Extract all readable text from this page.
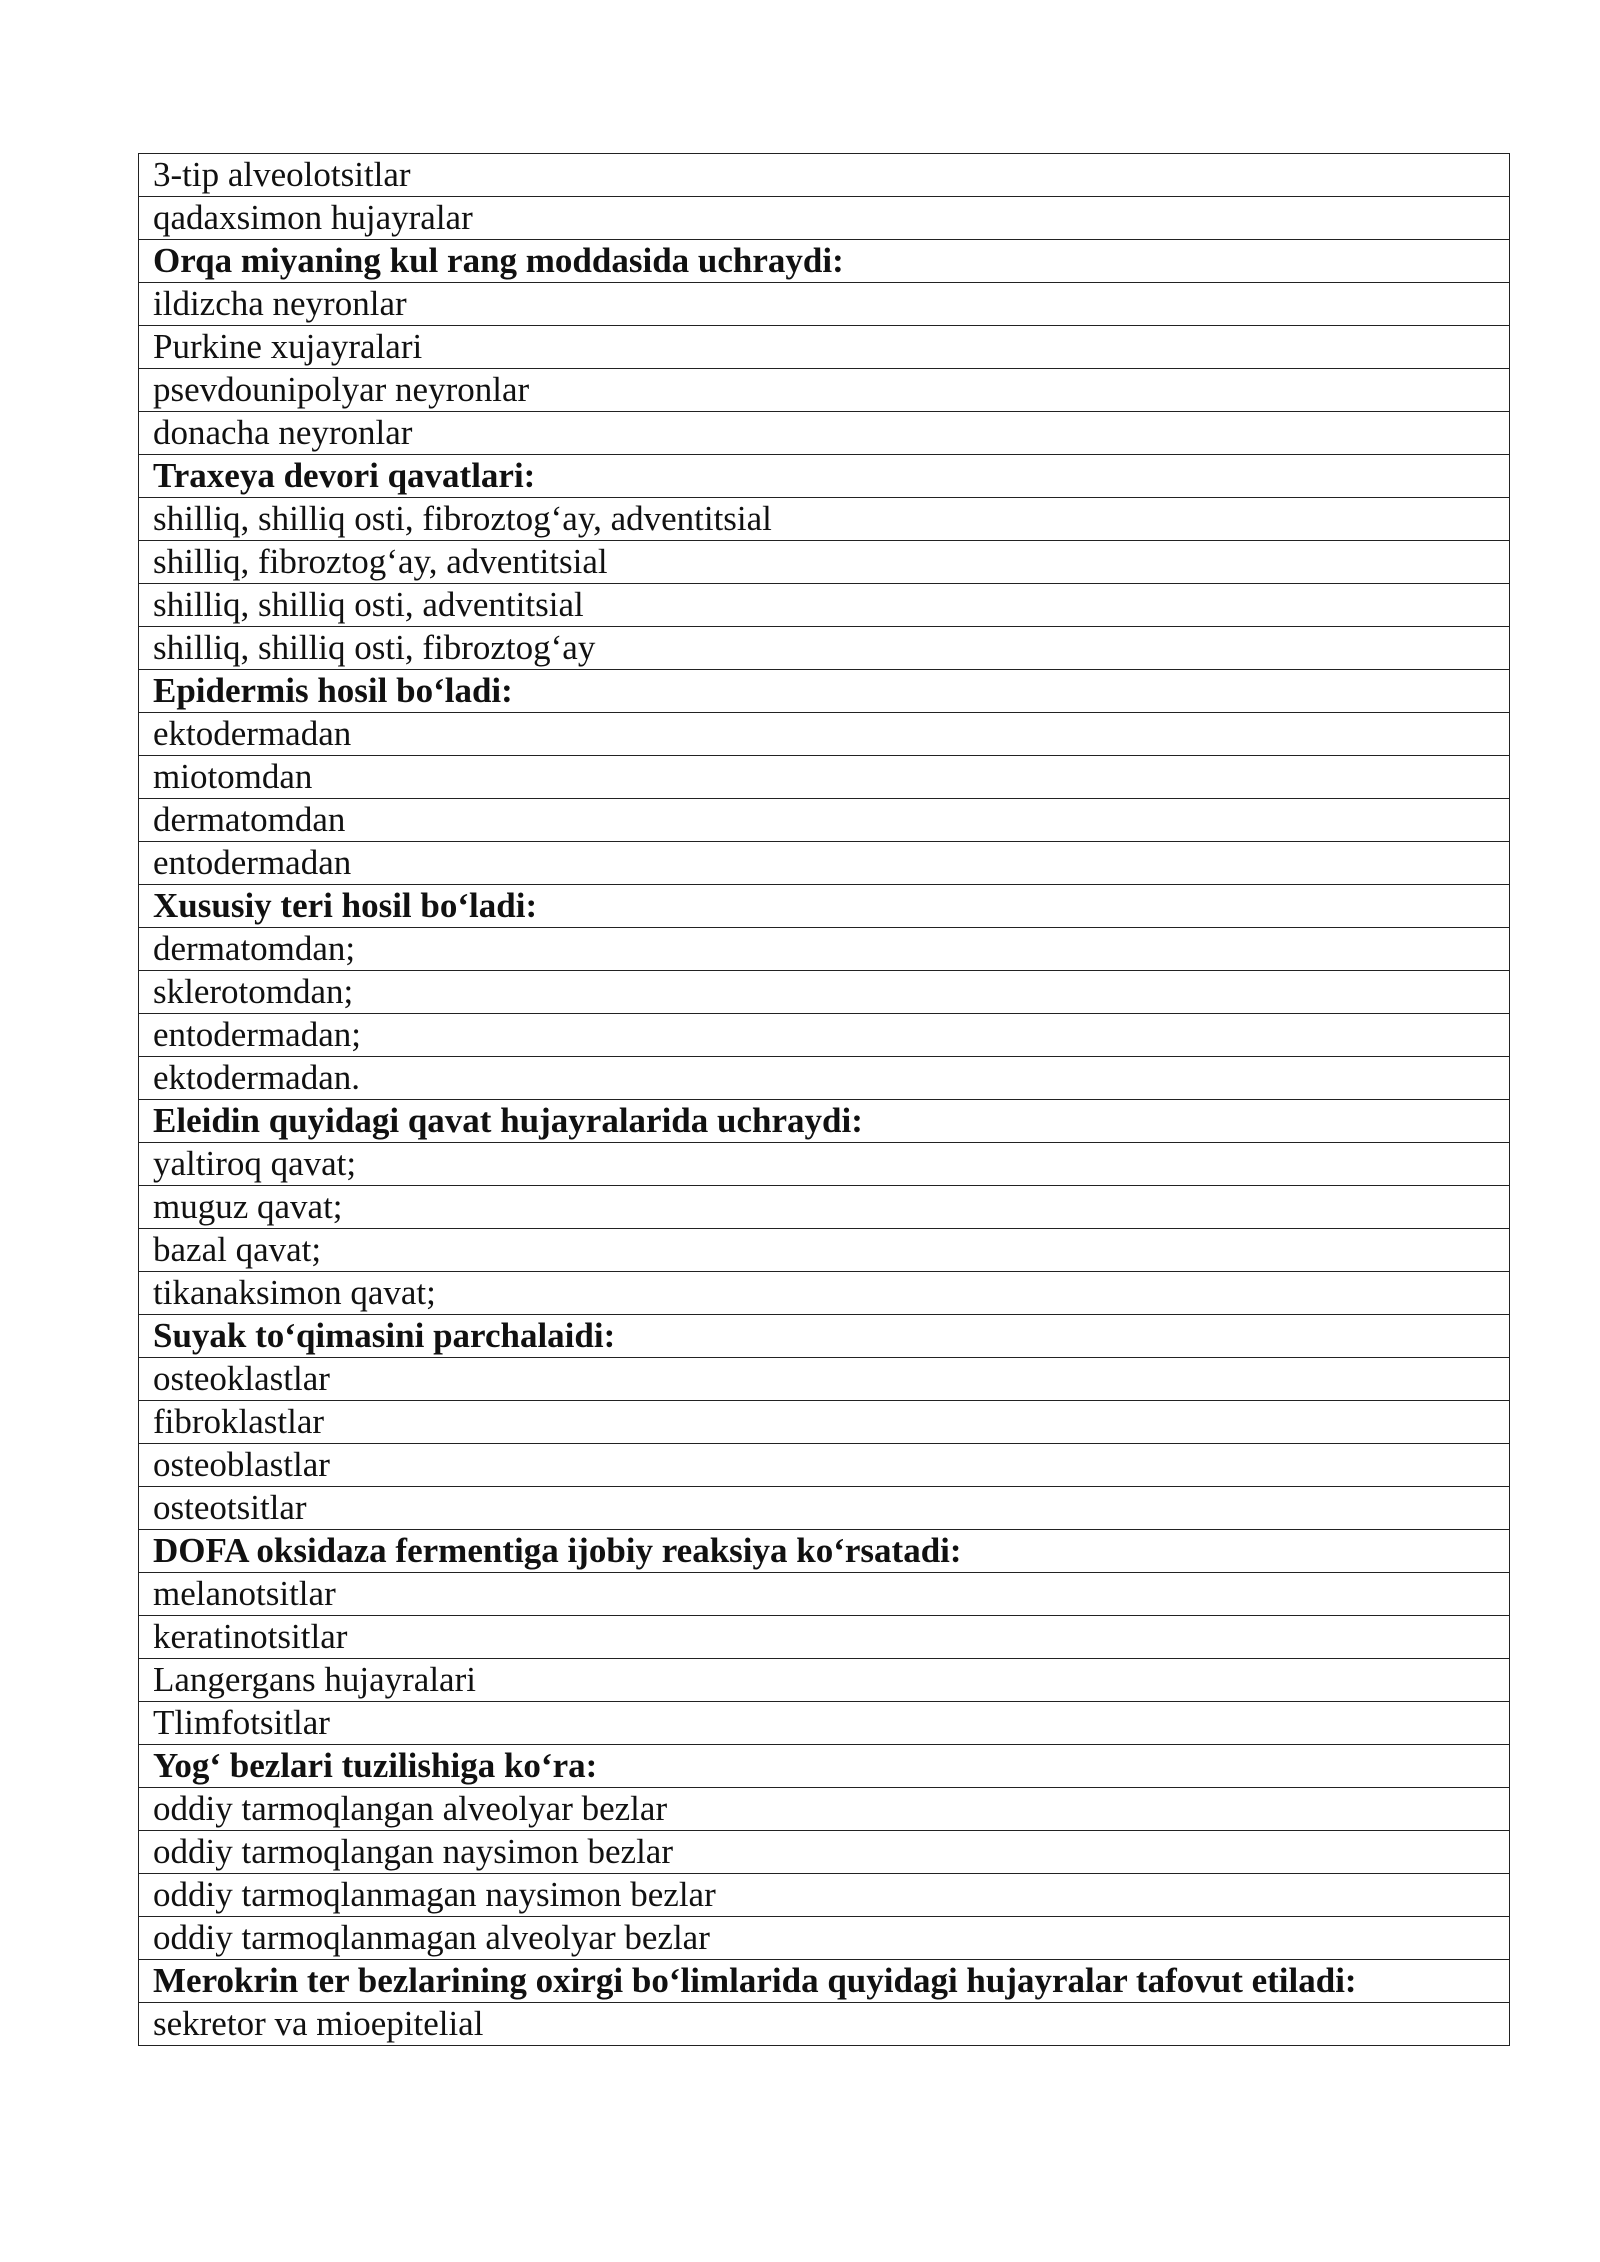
3-tip alveolotsitlar
qadaxsimon hujayralar
Orqa miyaning kul rang moddasida uchraydi:
ildizcha neyronlar
Purkine xujayralari
psevdounipolyar neyronlar
donacha neyronlar
Traxeya devori qavatlari:
shilliq, shilliq osti, fibroztog‘ay, adventitsial
shilliq, fibroztog‘ay, adventitsial
shilliq, shilliq osti, adventitsial
shilliq, shilliq osti, fibroztog‘ay
Epidermis hosil bo‘ladi:
ektodermadan
miotomdan
dermatomdan
entodermadan
Xususiy teri hosil bo‘ladi:
dermatomdan;
sklerotomdan;
entodermadan;
ektodermadan.
Eleidin quyidagi qavat hujayralarida uchraydi:
yaltiroq qavat;
muguz qavat;
bazal qavat;
tikanaksimon qavat;
Suyak to‘qimasini parchalaidi:
osteoklastlar
fibroklastlar
osteoblastlar
osteotsitlar
DOFA oksidaza fermentiga ijobiy reaksiya ko‘rsatadi:
melanotsitlar
keratinotsitlar
Langergans hujayralari
Tlimfotsitlar
Yog‘ bezlari tuzilishiga ko‘ra:
oddiy tarmoqlangan alveolyar bezlar
oddiy tarmoqlangan naysimon bezlar
oddiy tarmoqlanmagan naysimon bezlar
oddiy tarmoqlanmagan alveolyar bezlar
Merokrin ter bezlarining oxirgi bo‘limlarida quyidagi hujayralar tafovut etiladi:
sekretor va mioepitelial
